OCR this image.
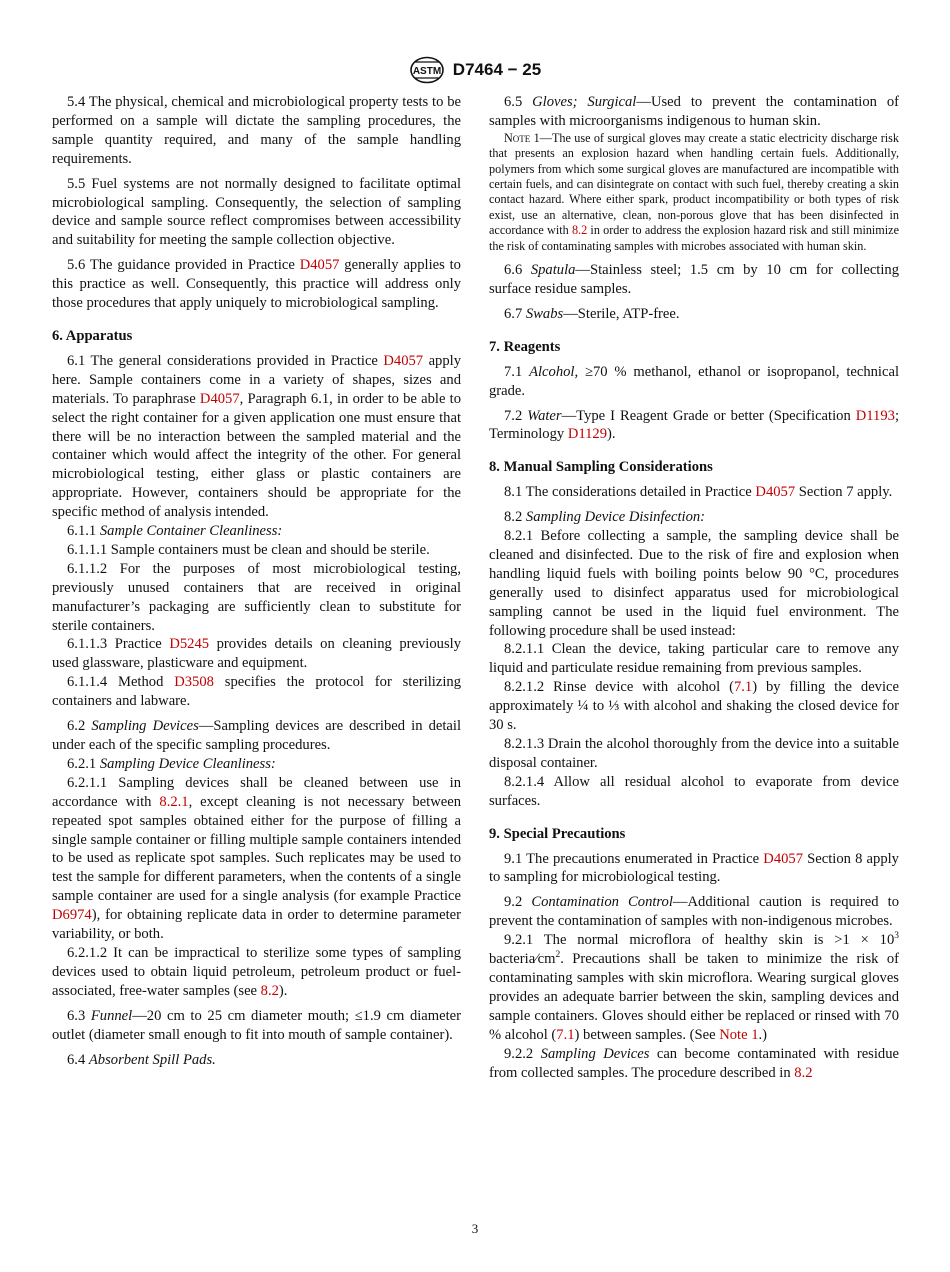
ASTM D7464 − 25

5.4 The physical, chemical and microbiological property tests to be performed on a sample will dictate the sampling procedures, the sample quantity required, and many of the sample handling requirements.

5.5 Fuel systems are not normally designed to facilitate optimal microbiological sampling. Consequently, the selection of sampling device and sample source reflect compromises between accessibility and suitability for meeting the sample collection objective.

5.6 The guidance provided in Practice D4057 generally applies to this practice as well. Consequently, this practice will address only those procedures that apply uniquely to microbiological sampling.

6. Apparatus

6.1 The general considerations provided in Practice D4057 apply here. Sample containers come in a variety of shapes, sizes and materials. To paraphrase D4057, Paragraph 6.1, in order to be able to select the right container for a given application one must ensure that there will be no interaction between the sampled material and the container which would affect the integrity of the other. For general microbiological testing, either glass or plastic containers are appropriate. However, containers should be appropriate for the specific method of analysis intended.

6.1.1 Sample Container Cleanliness:

6.1.1.1 Sample containers must be clean and should be sterile.

6.1.1.2 For the purposes of most microbiological testing, previously unused containers that are received in original manufacturer’s packaging are sufficiently clean to substitute for sterile containers.

6.1.1.3 Practice D5245 provides details on cleaning previously used glassware, plasticware and equipment.

6.1.1.4 Method D3508 specifies the protocol for sterilizing containers and labware.

6.2 Sampling Devices—Sampling devices are described in detail under each of the specific sampling procedures.

6.2.1 Sampling Device Cleanliness:

6.2.1.1 Sampling devices shall be cleaned between use in accordance with 8.2.1, except cleaning is not necessary between repeated spot samples obtained either for the purpose of filling a single sample container or filling multiple sample containers intended to be used as replicate spot samples. Such replicates may be used to test the sample for different parameters, when the contents of a single sample container are used for a single analysis (for example Practice D6974), for obtaining replicate data in order to determine parameter variability, or both.

6.2.1.2 It can be impractical to sterilize some types of sampling devices used to obtain liquid petroleum, petroleum product or fuel-associated, free-water samples (see 8.2).

6.3 Funnel—20 cm to 25 cm diameter mouth; ≤1.9 cm diameter outlet (diameter small enough to fit into mouth of sample container).

6.4 Absorbent Spill Pads.

6.5 Gloves; Surgical—Used to prevent the contamination of samples with microorganisms indigenous to human skin.

Note 1—The use of surgical gloves may create a static electricity discharge risk that presents an explosion hazard when handling certain fuels. Additionally, polymers from which some surgical gloves are manufactured are incompatible with certain fuels, and can disintegrate on contact with such fuel, thereby creating a skin contact hazard. Where either spark, product incompatibility or both types of risk exist, use an alternative, clean, non-porous glove that has been disinfected in accordance with 8.2 in order to address the explosion hazard risk and still minimize the risk of contaminating samples with microbes associated with human skin.

6.6 Spatula—Stainless steel; 1.5 cm by 10 cm for collecting surface residue samples.

6.7 Swabs—Sterile, ATP-free.

7. Reagents

7.1 Alcohol, ≥70 % methanol, ethanol or isopropanol, technical grade.

7.2 Water—Type I Reagent Grade or better (Specification D1193; Terminology D1129).

8. Manual Sampling Considerations

8.1 The considerations detailed in Practice D4057 Section 7 apply.

8.2 Sampling Device Disinfection:

8.2.1 Before collecting a sample, the sampling device shall be cleaned and disinfected. Due to the risk of fire and explosion when handling liquid fuels with boiling points below 90 °C, procedures generally used to disinfect apparatus used for microbiological sampling cannot be used in the liquid fuel environment. The following procedure shall be used instead:

8.2.1.1 Clean the device, taking particular care to remove any liquid and particulate residue remaining from previous samples.

8.2.1.2 Rinse device with alcohol (7.1) by filling the device approximately ¼ to ⅓ with alcohol and shaking the closed device for 30 s.

8.2.1.3 Drain the alcohol thoroughly from the device into a suitable disposal container.

8.2.1.4 Allow all residual alcohol to evaporate from device surfaces.

9. Special Precautions

9.1 The precautions enumerated in Practice D4057 Section 8 apply to sampling for microbiological testing.

9.2 Contamination Control—Additional caution is required to prevent the contamination of samples with non-indigenous microbes.

9.2.1 The normal microflora of healthy skin is $>1 \times 10^3$ $bacteria⁄cm^2$. Precautions shall be taken to minimize the risk of contaminating samples with skin microflora. Wearing surgical gloves provides an adequate barrier between the skin, sampling devices and sample containers. Gloves should either be replaced or rinsed with 70 % alcohol (7.1) between samples. (See Note 1.)

9.2.2 Sampling Devices can become contaminated with residue from collected samples. The procedure described in 8.2

3
